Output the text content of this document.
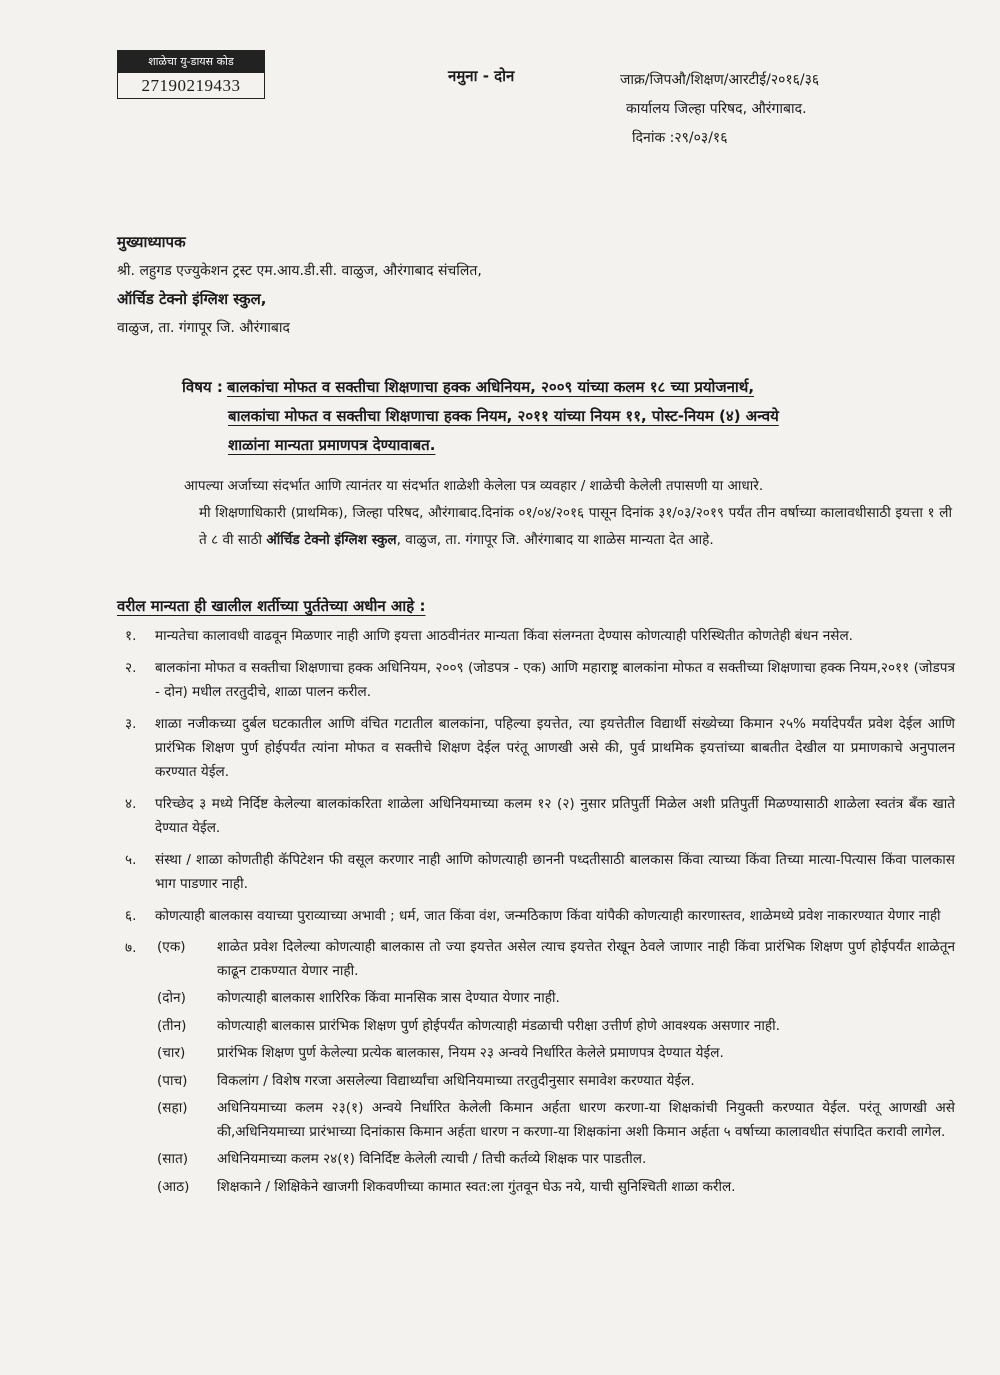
शाळेचा यु-डायस कोड
27190219433	नमुना - दोन	जाक्र/जिपऔ/शिक्षण/आरटीई/२०१६/३६
कार्यालय जिल्हा परिषद, औरंगाबाद.
दिनांक :२९/०३/१६
मुख्याध्यापक
श्री. लहुगड एज्युकेशन ट्रस्ट एम.आय.डी.सी. वाळुज, औरंगाबाद संचलित,
ऑर्चिड टेक्नो इंग्लिश स्कुल,
वाळुज, ता. गंगापूर जि. औरंगाबाद
विषय : बालकांचा मोफत व सक्तीचा शिक्षणाचा हक्क अधिनियम, २००९ यांच्या कलम १८ च्या प्रयोजनार्थ,
बालकांचा मोफत व सक्तीचा शिक्षणाचा हक्क नियम, २०११ यांच्या नियम ११, पोस्ट-नियम (४) अन्वये
शाळांना मान्यता प्रमाणपत्र देण्यावाबत.
आपल्या अर्जाच्या संदर्भात आणि त्यानंतर या संदर्भात शाळेशी केलेला पत्र व्यवहार / शाळेची केलेली तपासणी या आधारे.
मी शिक्षणाधिकारी (प्राथमिक), जिल्हा परिषद, औरंगाबाद.दिनांक ०१/०४/२०१६ पासून दिनांक ३१/०३/२०१९ पर्यंत तीन वर्षाच्या कालावधीसाठी इयत्ता १ ली ते ८ वी साठी ऑर्चिड टेक्नो इंग्लिश स्कुल, वाळुज, ता. गंगापूर जि. औरंगाबाद या शाळेस मान्यता देत आहे.
वरील मान्यता ही खालील शर्तीच्या पुर्ततेच्या अधीन आहे :
१.	मान्यतेचा कालावधी वाढवून मिळणार नाही आणि इयत्ता आठवीनंतर मान्यता किंवा संलग्नता देण्यास कोणत्याही परिस्थितीत कोणतेही बंधन नसेल.
२.	बालकांना मोफत व सक्तीचा शिक्षणाचा हक्क अधिनियम, २००९ (जोडपत्र - एक) आणि महाराष्ट्र बालकांना मोफत व सक्तीच्या शिक्षणाचा हक्क नियम,२०११ (जोडपत्र - दोन) मधील तरतुदीचे, शाळा पालन करील.
३.	शाळा नजीकच्या दुर्बल घटकातील आणि वंचित गटातील बालकांना, पहिल्या इयत्तेत, त्या इयत्तेतील विद्यार्थी संख्येच्या किमान २५% मर्यादेपर्यंत प्रवेश देईल आणि प्रारंभिक शिक्षण पुर्ण होईपर्यंत त्यांना मोफत व सक्तीचे शिक्षण देईल परंतू आणखी असे की, पुर्व प्राथमिक इयत्तांच्या बाबतीत देखील या प्रमाणकाचे अनुपालन करण्यात येईल.
४.	परिच्छेद ३ मध्ये निर्दिष्ट केलेल्या बालकांकरिता शाळेला अधिनियमाच्या कलम १२ (२) नुसार प्रतिपुर्ती मिळेल अशी प्रतिपुर्ती मिळण्यासाठी शाळेला स्वतंत्र बँक खाते देण्यात येईल.
५.	संस्था / शाळा कोणतीही कॅपिटेशन फी वसूल करणार नाही आणि कोणत्याही छाननी पध्दतीसाठी बालकास किंवा त्याच्या किंवा तिच्या मात्या-पित्यास किंवा पालकास भाग पाडणार नाही.
६.	कोणत्याही बालकास वयाच्या पुराव्याच्या अभावी ; धर्म, जात किंवा वंश, जन्मठिकाण किंवा यांपैकी कोणत्याही कारणास्तव, शाळेमध्ये प्रवेश नाकारण्यात येणार नाही
७.	(एक)	शाळेत प्रवेश दिलेल्या कोणत्याही बालकास तो ज्या इयत्तेत असेल त्याच इयत्तेत रोखून ठेवले जाणार नाही किंवा प्रारंभिक शिक्षण पुर्ण होईपर्यंत शाळेतून काढून टाकण्यात येणार नाही.
(दोन)	कोणत्याही बालकास शारिरिक किंवा मानसिक त्रास देण्यात येणार नाही.
(तीन)	कोणत्याही बालकास प्रारंभिक शिक्षण पुर्ण होईपर्यंत कोणत्याही मंडळाची परीक्षा उत्तीर्ण होणे आवश्यक असणार नाही.
(चार)	प्रारंभिक शिक्षण पुर्ण केलेल्या प्रत्येक बालकास, नियम २३ अन्वये निर्धारित केलेले प्रमाणपत्र देण्यात येईल.
(पाच)	विकलांग / विशेष गरजा असलेल्या विद्यार्थ्यांचा अधिनियमाच्या तरतुदीनुसार समावेश करण्यात येईल.
(सहा)	अधिनियमाच्या कलम २३(१) अन्वये निर्धारित केलेली किमान अर्हता धारण करणा-या शिक्षकांची नियुक्ती करण्यात येईल. परंतू आणखी असे की,अधिनियमाच्या प्रारंभाच्या दिनांकास किमान अर्हता धारण न करणा-या शिक्षकांना अशी किमान अर्हता ५ वर्षाच्या कालावधीत संपादित करावी लागेल.
(सात)	अधिनियमाच्या कलम २४(१) विनिर्दिष्ट केलेली त्याची / तिची कर्तव्ये शिक्षक पार पाडतील.
(आठ)	शिक्षकाने / शिक्षिकेने खाजगी शिकवणीच्या कामात स्वत:ला गुंतवून घेऊ नये, याची सुनिश्चिती शाळा करील.
